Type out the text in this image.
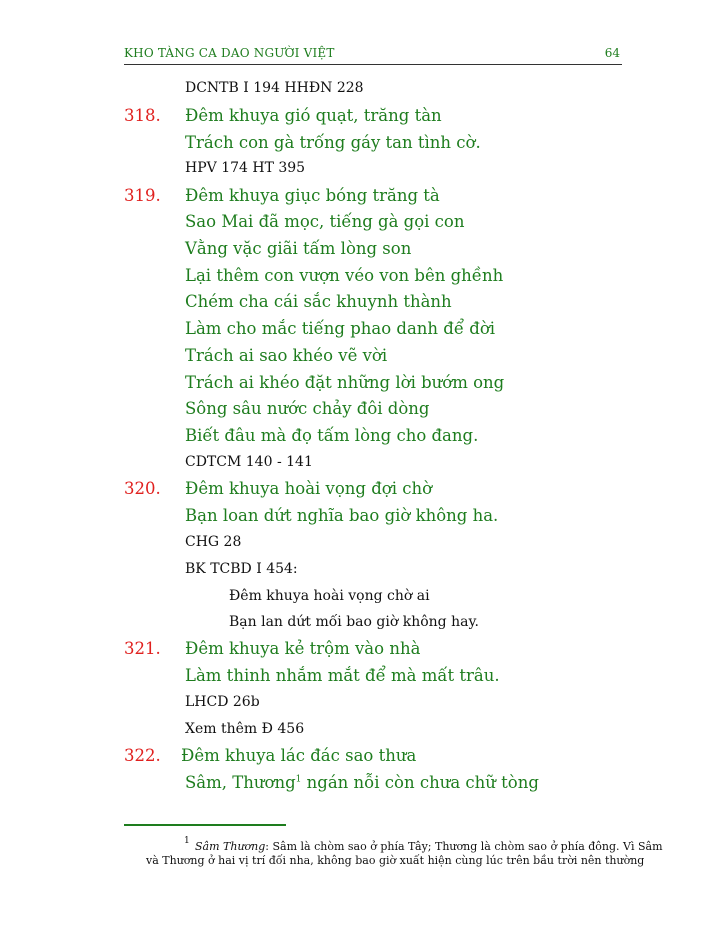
KHO TÀNG CA DAO NGƯỜI VIỆT	64
DCNTB I 194 HHĐN 228
318. Đêm khuya gió quạt, trăng tàn
Trách con gà trống gáy tan tình cờ.
HPV 174 HT 395
319. Đêm khuya giục bóng trăng tà
Sao Mai đã mọc, tiếng gà gọi con
Vằng vặc giãi tấm lòng son
Lại thêm con vượn véo von bên ghềnh
Chém cha cái sắc khuynh thành
Làm cho mắc tiếng phao danh để đời
Trách ai sao khéo vẽ vời
Trách ai khéo đặt những lời bướm ong
Sông sâu nước chảy đôi dòng
Biết đâu mà đọ tấm lòng cho đang.
CDTCM 140 - 141
320. Đêm khuya hoài vọng đợi chờ
Bạn loan dứt nghĩa bao giờ không ha.
CHG 28
BK TCBD I 454:
Đêm khuya hoài vọng chờ ai
Bạn lan dứt mối bao giờ không hay.
321. Đêm khuya kẻ trộm vào nhà
Làm thinh nhắm mắt để mà mất trâu.
LHCD 26b
Xem thêm Đ 456
322. Đêm khuya lác đác sao thưa
Sâm, Thương$^1$ ngán nỗi còn chưa chữ tòng
1 Sâm Thương: Sâm là chòm sao ở phía Tây; Thương là chòm sao ở phía đông. Vì Sâm
và Thương ở hai vị trí đối nha, không bao giờ xuất hiện cùng lúc trên bầu trời nên thường
